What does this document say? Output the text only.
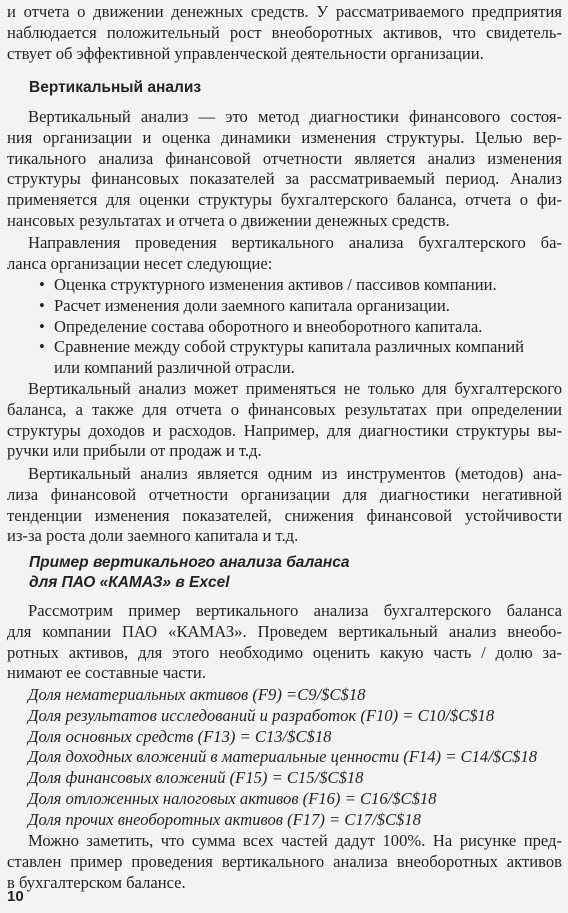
и отчета о движении денежных средств. У рассматриваемого предприятия
наблюдается положительный рост внеоборотных активов, что свидетель-
ствует об эффективной управленческой деятельности организации.
Вертикальный анализ
Вертикальный анализ — это метод диагностики финансового состоя-
ния организации и оценка динамики изменения структуры. Целью вер-
тикального анализа финансовой отчетности является анализ изменения
структуры финансовых показателей за рассматриваемый период. Анализ
применяется для оценки структуры бухгалтерского баланса, отчета о фи-
нансовых результатах и отчета о движении денежных средств.
Направления проведения вертикального анализа бухгалтерского ба-
ланса организации несет следующие:
• Оценка структурного изменения активов / пассивов компании.
• Расчет изменения доли заемного капитала организации.
• Определение состава оборотного и внеоборотного капитала.
• Сравнение между собой структуры капитала различных компаний
или компаний различной отрасли.
Вертикальный анализ может применяться не только для бухгалтерского
баланса, а также для отчета о финансовых результатах при определении
структуры доходов и расходов. Например, для диагностики структуры вы-
ручки или прибыли от продаж и т.д.
Вертикальный анализ является одним из инструментов (методов) ана-
лиза финансовой отчетности организации для диагностики негативной
тенденции изменения показателей, снижения финансовой устойчивости
из-за роста доли заемного капитала и т.д.
Пример вертикального анализа баланса
для ПАО «КАМАЗ» в Excel
Рассмотрим пример вертикального анализа бухгалтерского баланса
для компании ПАО «КАМАЗ». Проведем вертикальный анализ внеобо-
ротных активов, для этого необходимо оценить какую часть / долю за-
нимают ее составные части.
Доля нематериальных активов (F9) =C9/$C$18
Доля результатов исследований и разработок (F10) = C10/$C$18
Доля основных средств (F13) = C13/$C$18
Доля доходных вложений в материальные ценности (F14) = C14/$C$18
Доля финансовых вложений (F15) = C15/$C$18
Доля отложенных налоговых активов (F16) = C16/$C$18
Доля прочих внеоборотных активов (F17) = C17/$C$18
Можно заметить, что сумма всех частей дадут 100%. На рисунке пред-
ставлен пример проведения вертикального анализа внеоборотных активов
в бухгалтерском балансе.
10
